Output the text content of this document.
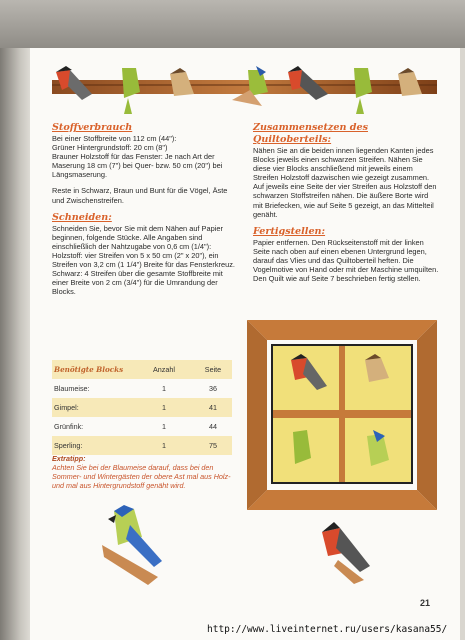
Stoffverbrauch

Bei einer Stoffbreite von 112 cm (44"):
Grüner Hintergrundstoff: 20 cm (8")
Brauner Holzstoff für das Fenster: Je nach Art der Maserung 18 cm (7") bei Quer- bzw. 50 cm (20") bei Längsmaserung.

Reste in Schwarz, Braun und Bunt für die Vögel, Äste und Zwischenstreifen.

Schneiden:

Schneiden Sie, bevor Sie mit dem Nähen auf Papier beginnen, folgende Stücke. Alle Angaben sind einschließlich der Nahtzugabe von 0,6 cm (1/4"):
Holzstoff: vier Streifen von 5 x 50 cm (2" x 20"), ein Streifen von 3,2 cm (1 1/4") Breite für das Fensterkreuz.
Schwarz: 4 Streifen über die gesamte Stoffbreite mit einer Breite von 2 cm (3/4") für die Umrandung der Blocks.

Benötigte Blocks	Anzahl	Seite
Blaumeise:	1	36
Gimpel:	1	41
Grünfink:	1	44
Sperling:	1	75
Extratipp:
Achten Sie bei der Blaumeise darauf, dass bei den Sommer- und Wintergästen der obere Ast mal aus Holz- und mal aus Hintergrundstoff genäht wird.
Zusammensetzen des Quiltoberteils:

Nähen Sie an die beiden innen liegenden Kanten jedes Blocks jeweils einen schwarzen Streifen. Nähen Sie diese vier Blocks anschließend mit jeweils einem Streifen Holzstoff dazwischen wie gezeigt zusammen. Auf jeweils eine Seite der vier Streifen aus Holzstoff den schwarzen Stoffstreifen nähen. Die äußere Borte wird mit Briefecken, wie auf Seite 5 gezeigt, an das Mittelteil genäht.

Fertigstellen:

Papier entfernen. Den Rückseitenstoff mit der linken Seite nach oben auf einen ebenen Untergrund legen, darauf das Vlies und das Quiltoberteil heften. Die Vogelmotive von Hand oder mit der Maschine umquilten.
Den Quilt wie auf Seite 7 beschrieben fertig stellen.

21
http://www.liveinternet.ru/users/kasana55/
